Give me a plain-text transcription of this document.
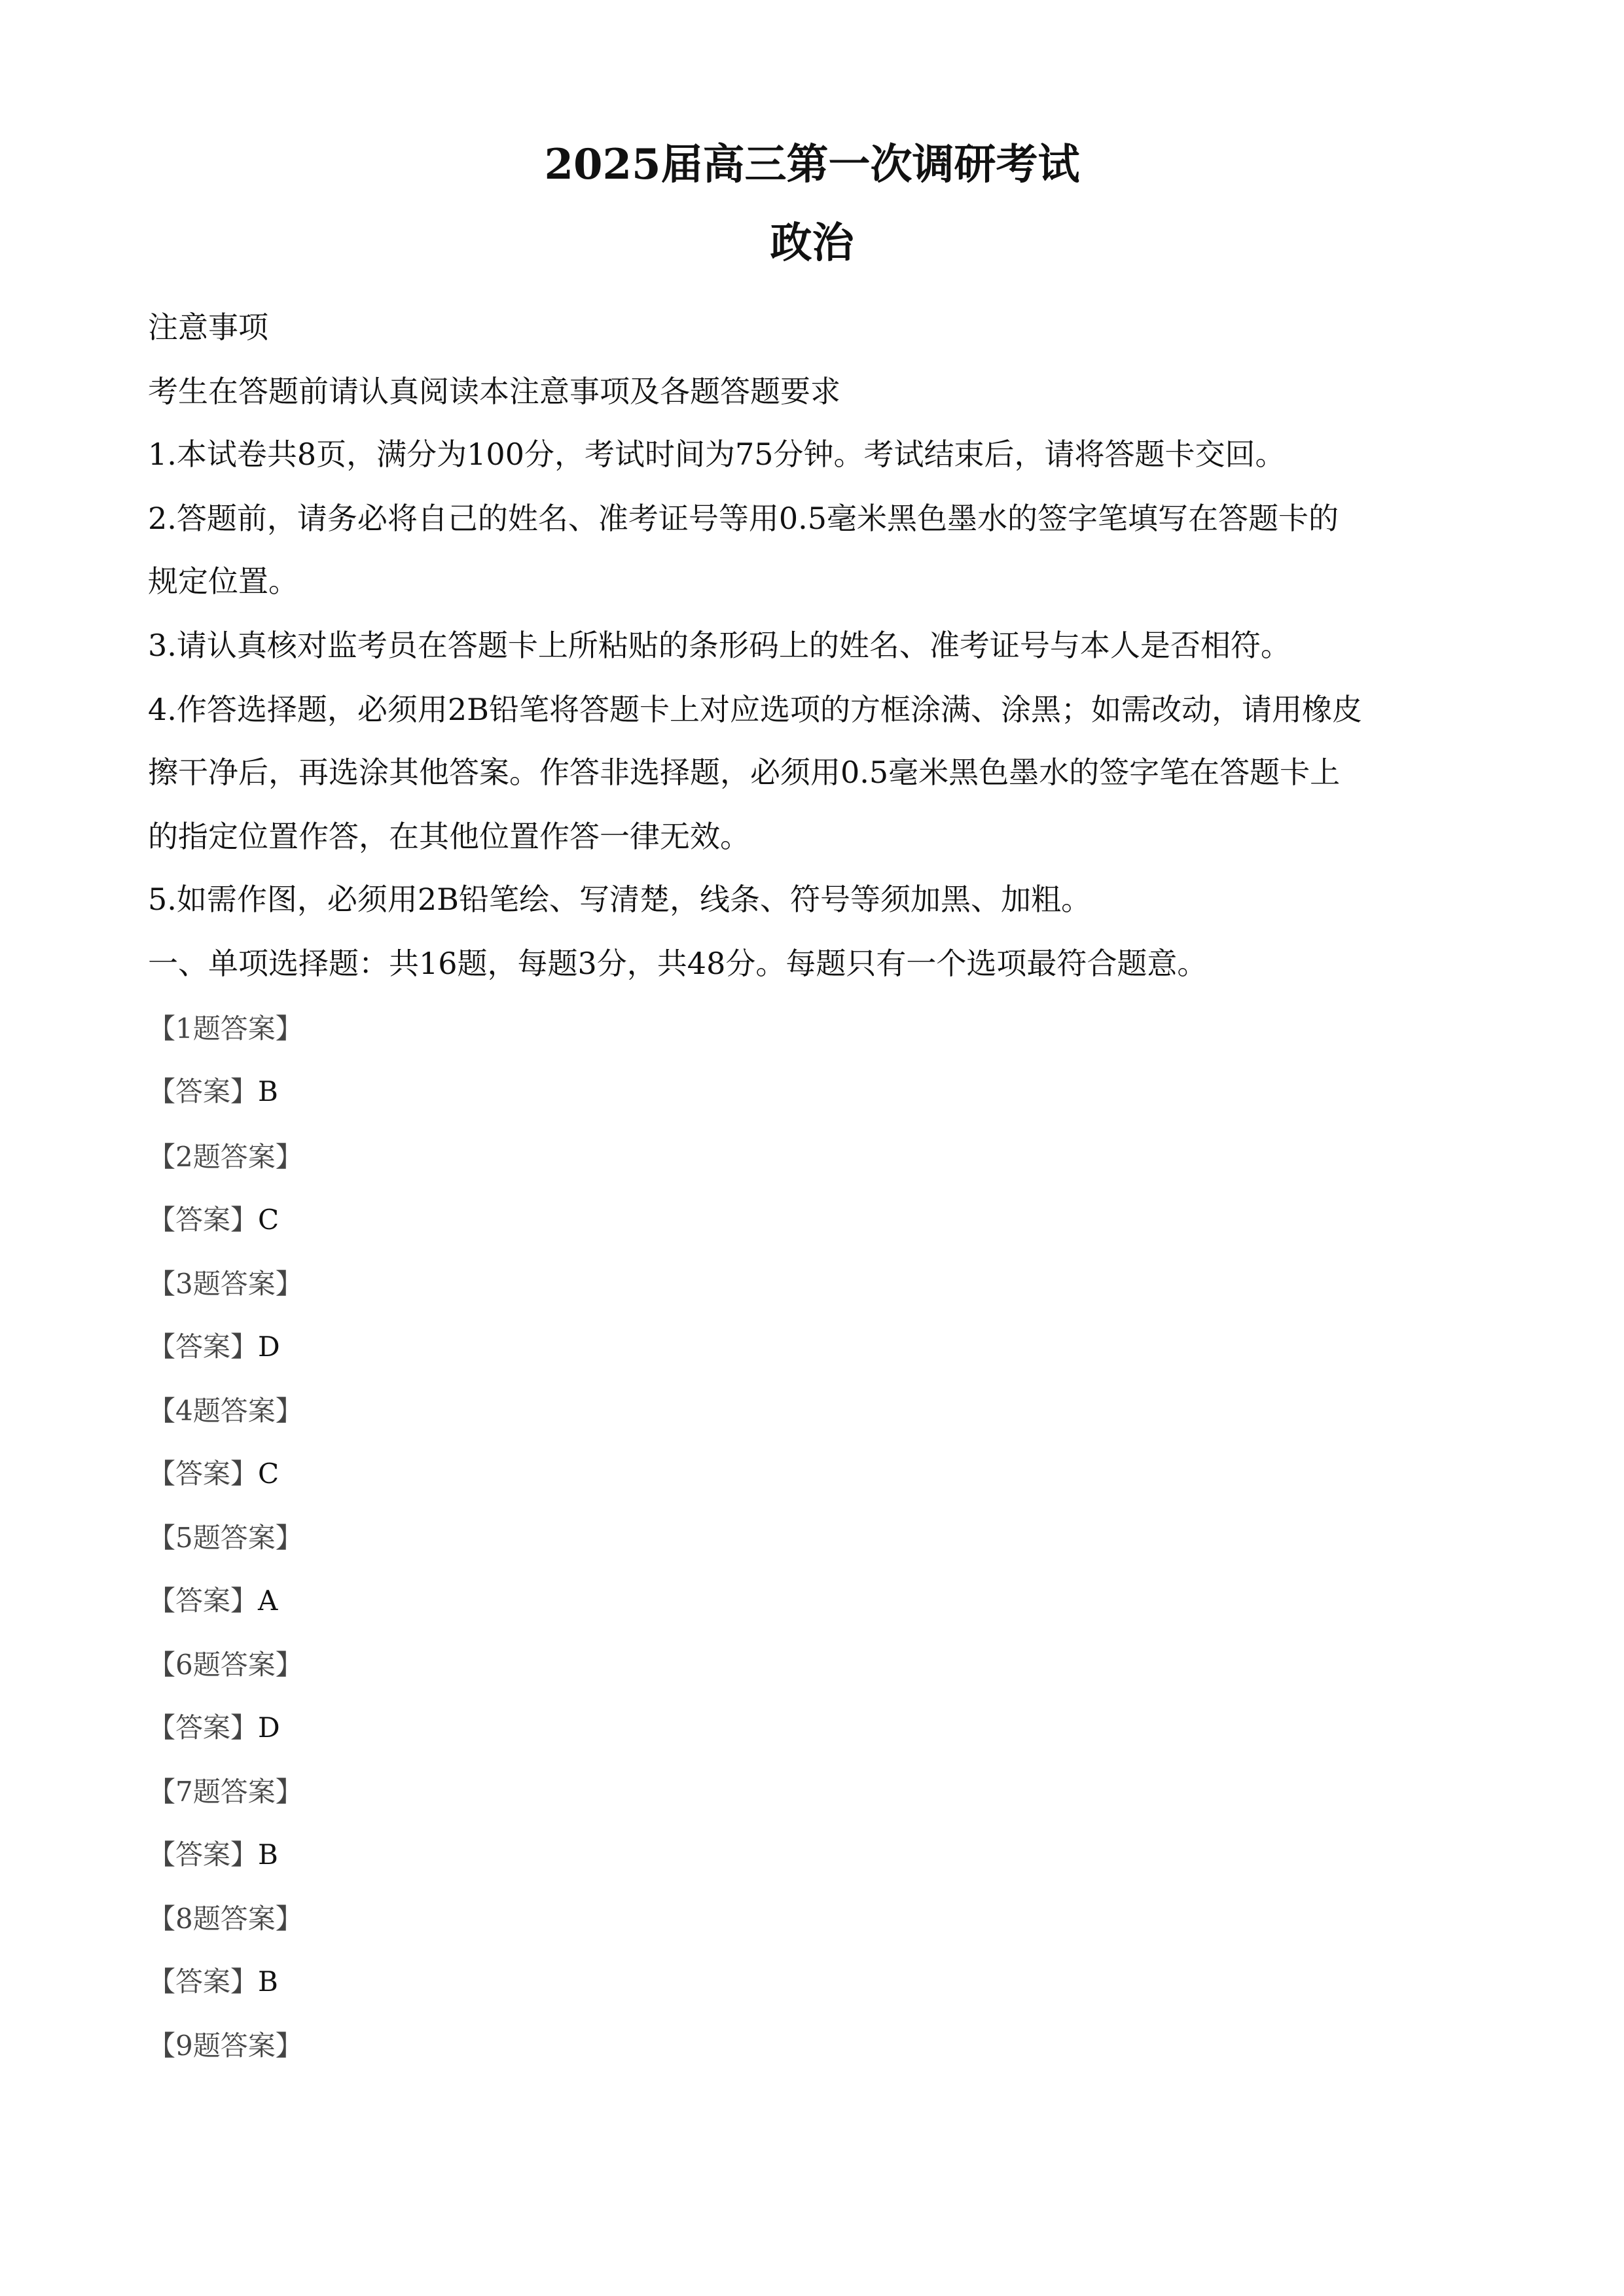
2025届高三第一次调研考试
政治
注意事项
考生在答题前请认真阅读本注意事项及各题答题要求
1.本试卷共8页，满分为100分，考试时间为75分钟。考试结束后，请将答题卡交回。
2.答题前，请务必将自己的姓名、准考证号等用0.5毫米黑色墨水的签字笔填写在答题卡的
规定位置。
3.请认真核对监考员在答题卡上所粘贴的条形码上的姓名、准考证号与本人是否相符。
4.作答选择题，必须用2B铅笔将答题卡上对应选项的方框涂满、涂黑；如需改动，请用橡皮
擦干净后，再选涂其他答案。作答非选择题，必须用0.5毫米黑色墨水的签字笔在答题卡上
的指定位置作答，在其他位置作答一律无效。
5.如需作图，必须用2B铅笔绘、写清楚，线条、符号等须加黑、加粗。
一、单项选择题：共16题，每题3分，共48分。每题只有一个选项最符合题意。
【1题答案】
【答案】B
【2题答案】
【答案】C
【3题答案】
【答案】D
【4题答案】
【答案】C
【5题答案】
【答案】A
【6题答案】
【答案】D
【7题答案】
【答案】B
【8题答案】
【答案】B
【9题答案】
